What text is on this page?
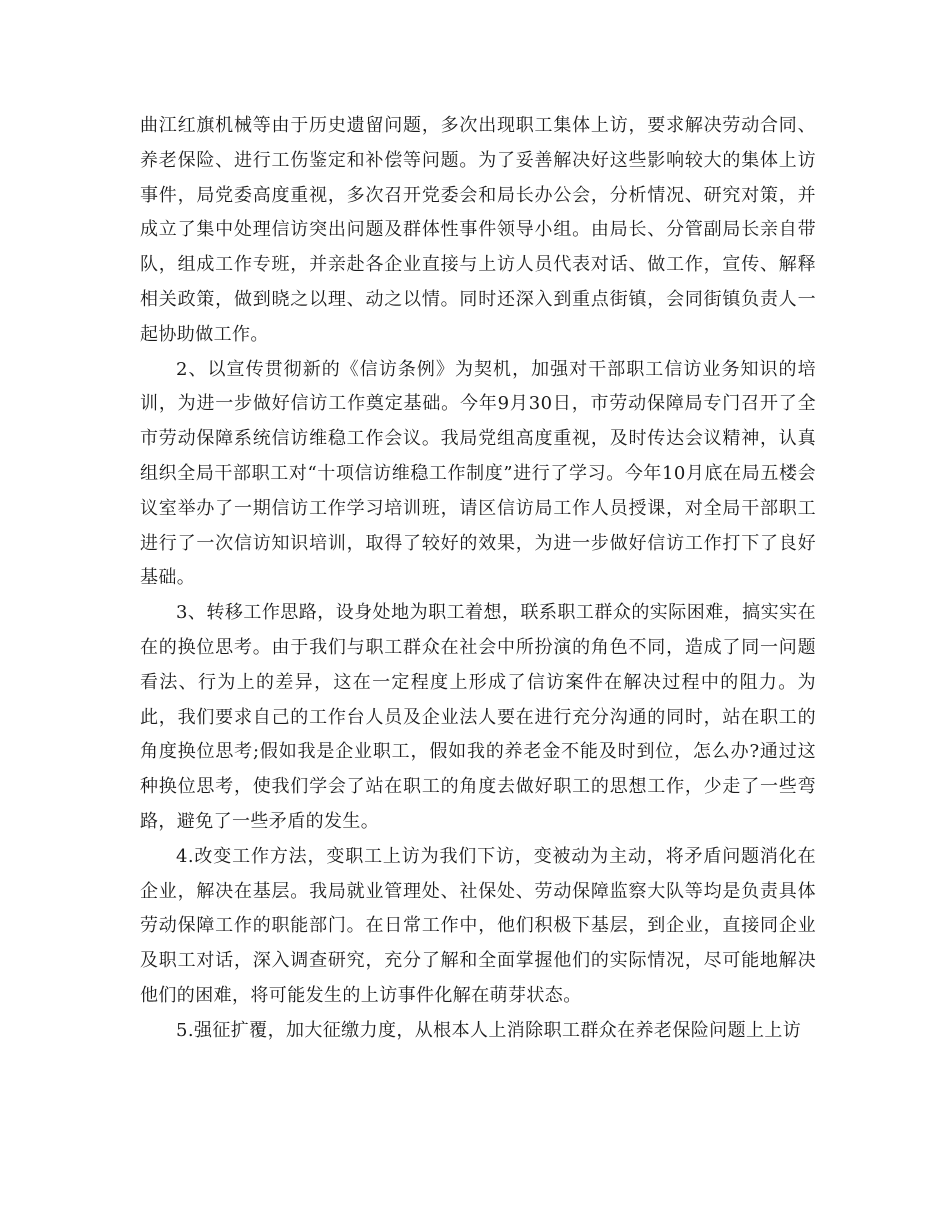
曲江红旗机械等由于历史遗留问题，多次出现职工集体上访，要求解决劳动合同、养老保险、进行工伤鉴定和补偿等问题。为了妥善解决好这些影响较大的集体上访事件，局党委高度重视，多次召开党委会和局长办公会，分析情况、研究对策，并成立了集中处理信访突出问题及群体性事件领导小组。由局长、分管副局长亲自带队，组成工作专班，并亲赴各企业直接与上访人员代表对话、做工作，宣传、解释相关政策，做到晓之以理、动之以情。同时还深入到重点街镇，会同街镇负责人一起协助做工作。

2、以宣传贯彻新的《信访条例》为契机，加强对干部职工信访业务知识的培训，为进一步做好信访工作奠定基础。今年9月30日，市劳动保障局专门召开了全市劳动保障系统信访维稳工作会议。我局党组高度重视，及时传达会议精神，认真组织全局干部职工对“十项信访维稳工作制度”进行了学习。今年10月底在局五楼会议室举办了一期信访工作学习培训班，请区信访局工作人员授课，对全局干部职工进行了一次信访知识培训，取得了较好的效果，为进一步做好信访工作打下了良好基础。

3、转移工作思路，设身处地为职工着想，联系职工群众的实际困难，搞实实在在的换位思考。由于我们与职工群众在社会中所扮演的角色不同，造成了同一问题看法、行为上的差异，这在一定程度上形成了信访案件在解决过程中的阻力。为此，我们要求自己的工作台人员及企业法人要在进行充分沟通的同时，站在职工的角度换位思考;假如我是企业职工，假如我的养老金不能及时到位，怎么办?通过这种换位思考，使我们学会了站在职工的角度去做好职工的思想工作，少走了一些弯路，避免了一些矛盾的发生。

4.改变工作方法，变职工上访为我们下访，变被动为主动，将矛盾问题消化在企业，解决在基层。我局就业管理处、社保处、劳动保障监察大队等均是负责具体劳动保障工作的职能部门。在日常工作中，他们积极下基层，到企业，直接同企业及职工对话，深入调查研究，充分了解和全面掌握他们的实际情况，尽可能地解决他们的困难，将可能发生的上访事件化解在萌芽状态。

5.强征扩覆，加大征缴力度，从根本人上消除职工群众在养老保险问题上上访
